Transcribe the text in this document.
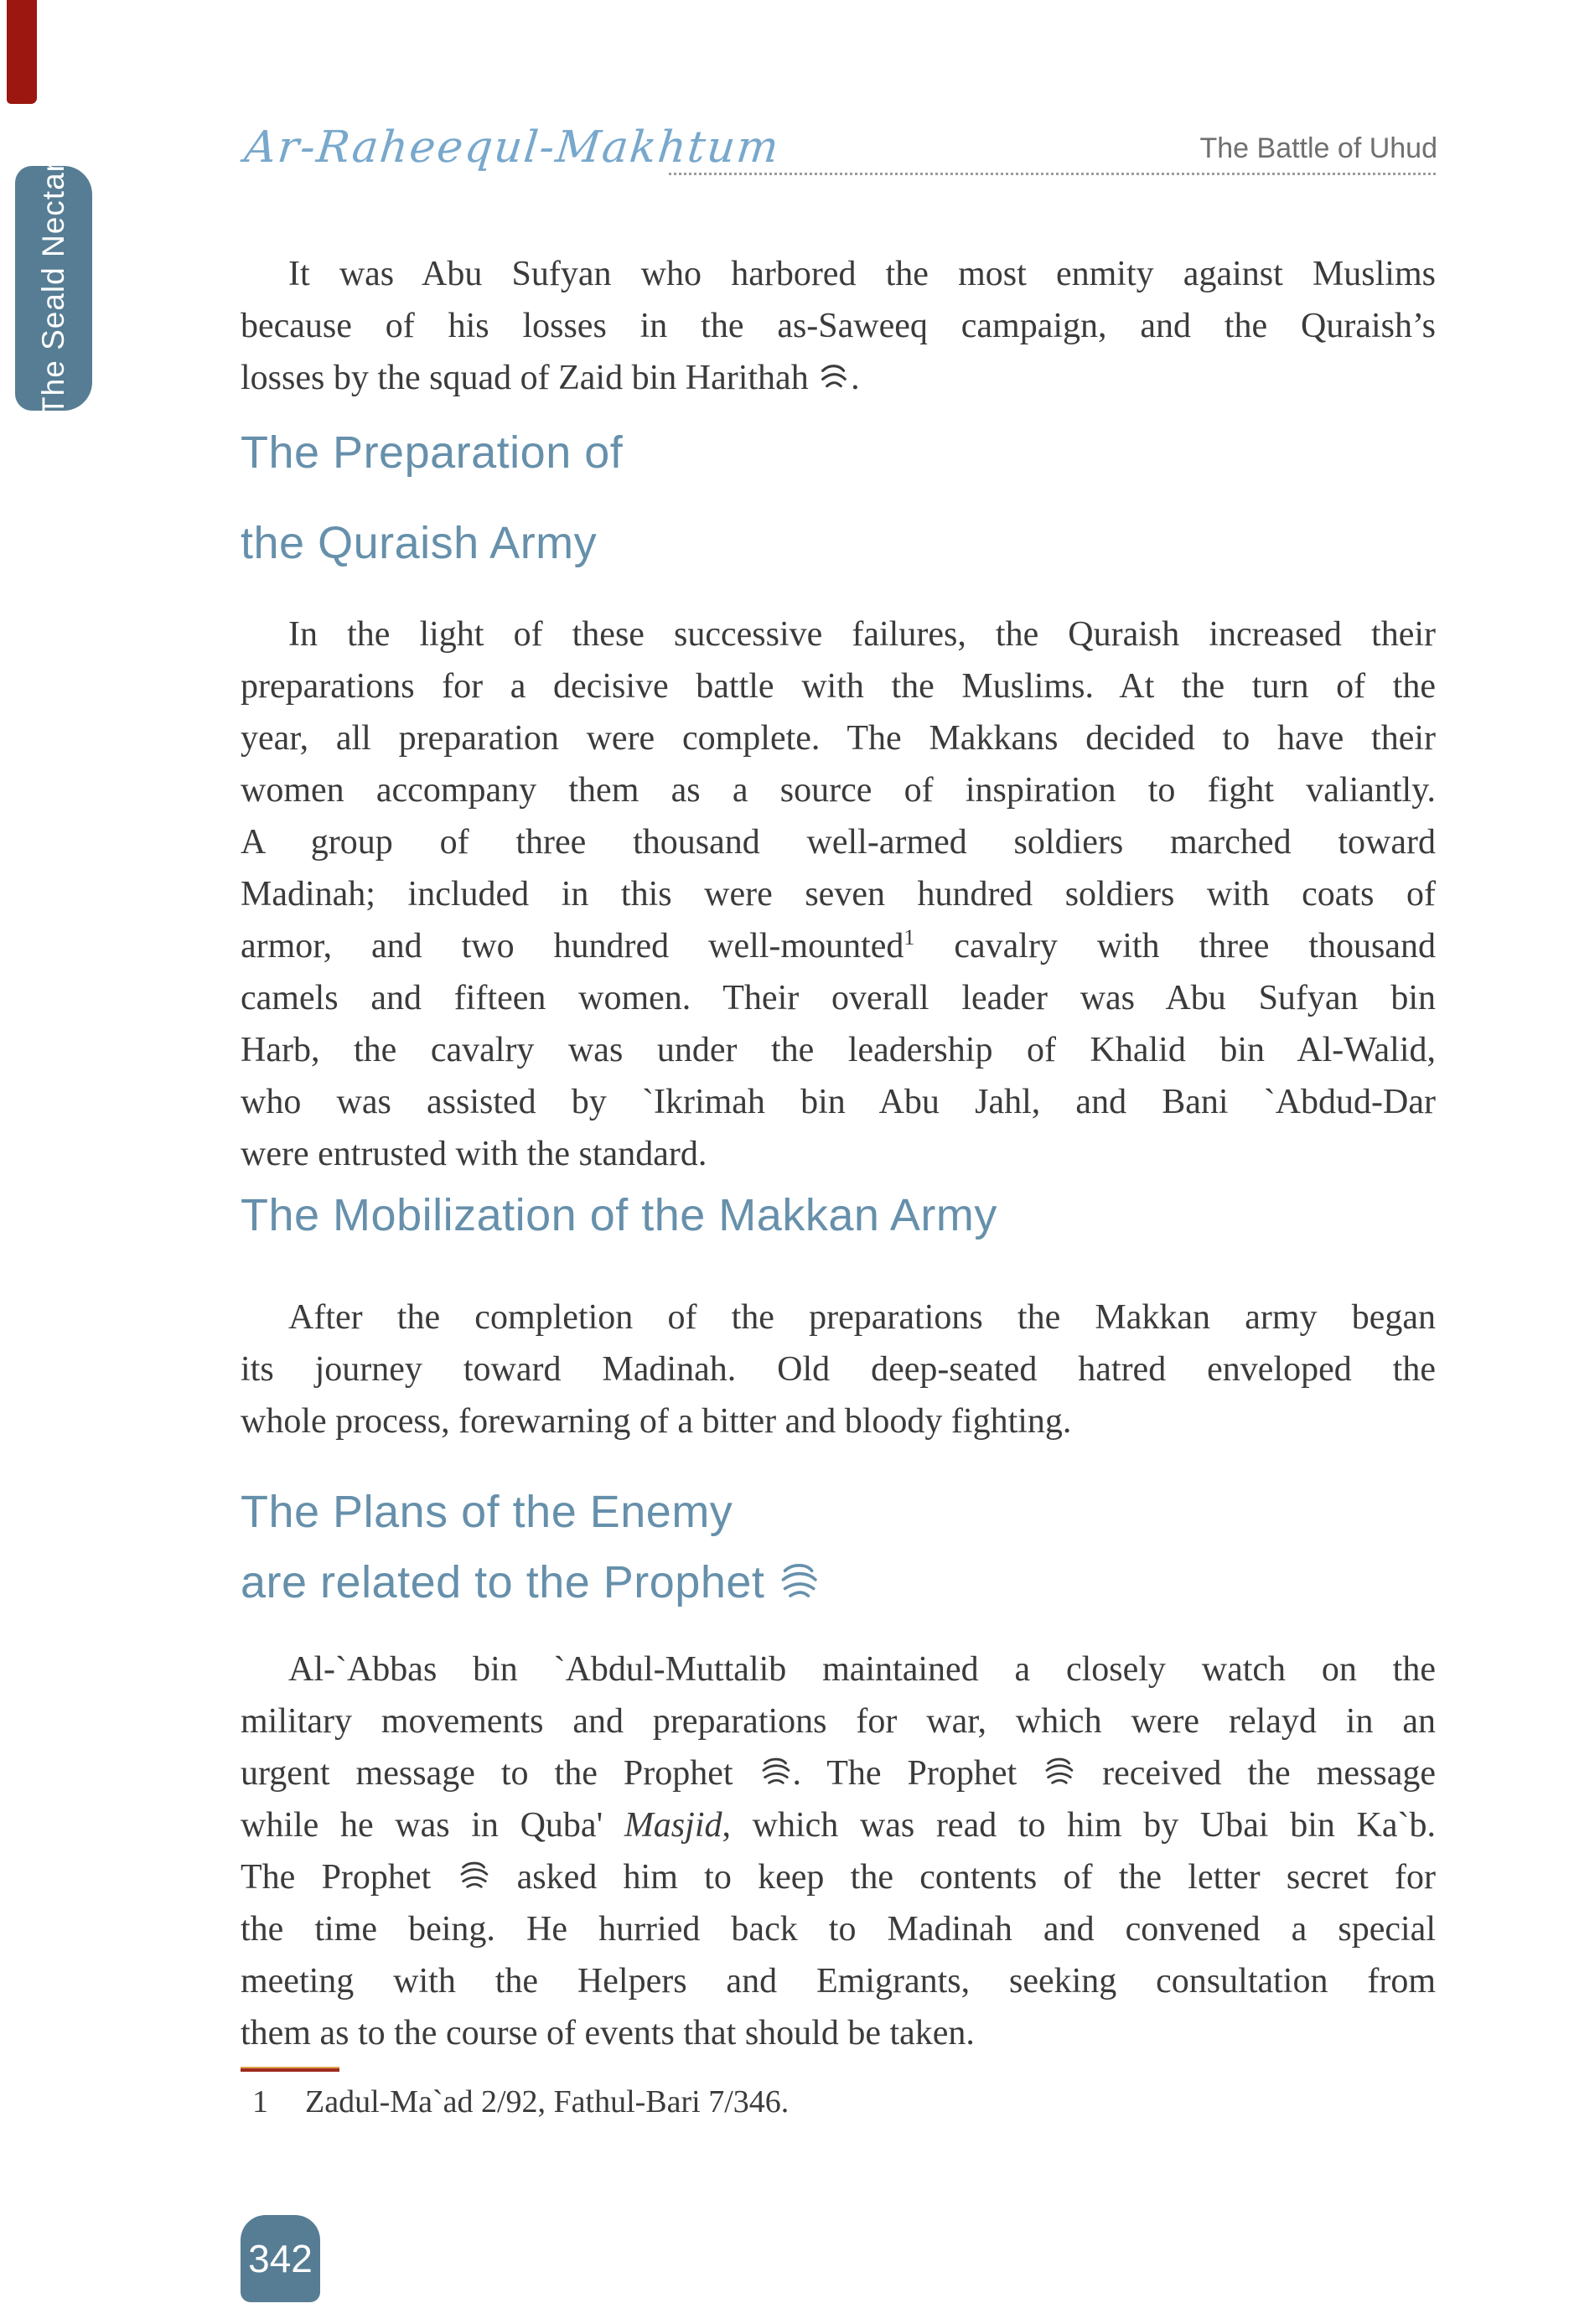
Ar-Raheequl-Makhtum	The Battle of Uhud
The Seald Nectar	It was Abu Sufyan who harbored the most enmity against Muslims
because of his losses in the as-Saweeq campaign, and the Quraish’s
losses by the squad of Zaid bin Harithah
.
The Preparation of
the Quraish Army
In the light of these successive failures, the Quraish increased their
preparations for a decisive battle with the Muslims. At the turn of the
year, all preparation were complete. The Makkans decided to have their
women accompany them as a source of inspiration to fight valiantly.
A group of three thousand well-armed soldiers marched toward
Madinah; included in this were seven hundred soldiers with coats of
armor, and two hundred well-mounted$^1$ cavalry with three thousand
camels and fifteen women. Their overall leader was Abu Sufyan bin
Harb, the cavalry was under the leadership of Khalid bin Al-Walid,
who was assisted by `Ikrimah bin Abu Jahl, and Bani `Abdud-Dar
were entrusted with the standard.
The Mobilization of the Makkan Army
After the completion of the preparations the Makkan army began
its journey toward Madinah. Old deep-seated hatred enveloped the
whole process, forewarning of a bitter and bloody fighting.
The Plans of the Enemy
are related to the Prophet
Al-`Abbas bin `Abdul-Muttalib maintained a closely watch on the
military movements and preparations for war, which were relayd in an
urgent message to the Prophet
. The Prophet
received the message
while he was in Quba' Masjid, which was read to him by Ubai bin Ka`b.
The Prophet
asked him to keep the contents of the letter secret for
the time being. He hurried back to Madinah and convened a special
meeting with the Helpers and Emigrants, seeking consultation from
them as to the course of events that should be taken.
1 Zadul-Ma`ad 2/92, Fathul-Bari 7/346.
342
